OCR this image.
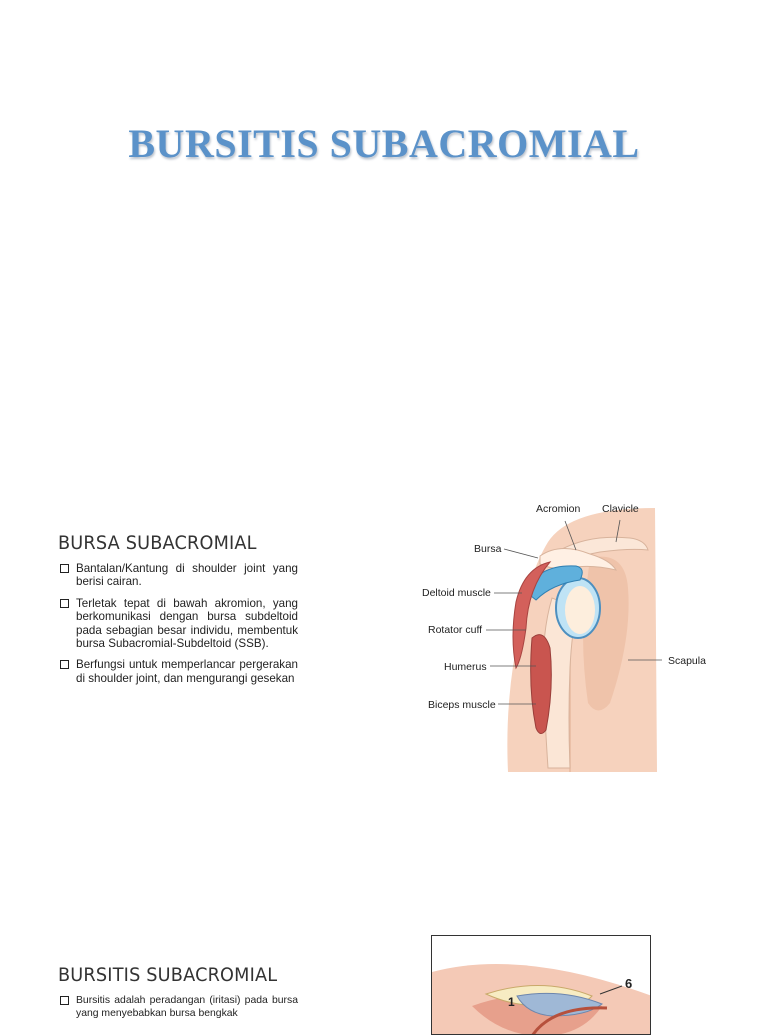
BURSITIS SUBACROMIAL
BURSA SUBACROMIAL
Bantalan/Kantung di shoulder joint yang berisi cairan.
Terletak tepat di bawah akromion, yang berkomunikasi dengan bursa subdeltoid pada sebagian besar individu, membentuk bursa Subacromial-Subdeltoid (SSB).
Berfungsi untuk memperlancar pergerakan di shoulder joint, dan mengurangi gesekan
Acromion Clavicle
Bursa
Deltoid muscle
Rotator cuff
Humerus
Biceps muscle
Scapula
BURSITIS SUBACROMIAL
Bursitis adalah peradangan (iritasi) pada bursa yang menyebabkan bursa bengkak
1
6
